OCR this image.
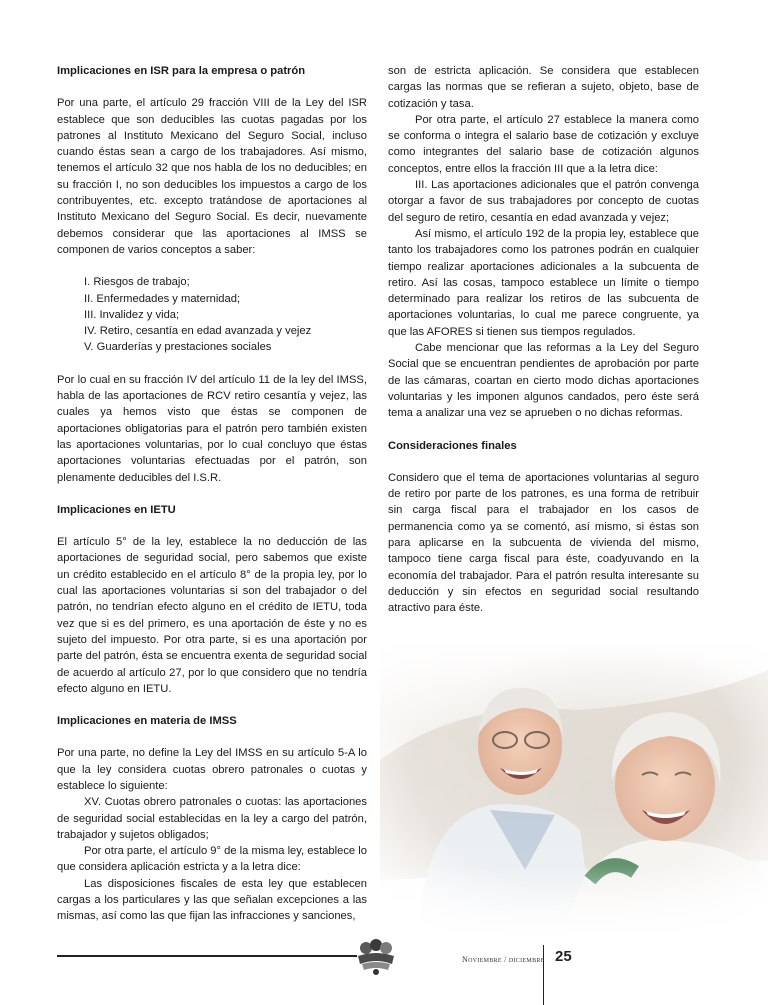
Implicaciones en ISR para la empresa o patrón

Por una parte, el artículo 29 fracción VIII de la Ley del ISR establece que son deducibles las cuotas pagadas por los patrones al Instituto Mexicano del Seguro Social, incluso cuando éstas sean a cargo de los trabajadores. Así mismo, tenemos el artículo 32 que nos habla de los no deducibles; en su fracción I, no son deducibles los impuestos a cargo de los contribuyentes, etc. excepto tratándose de aportaciones al Instituto Mexicano del Seguro Social. Es decir, nuevamente debemos considerar que las aportaciones al IMSS se componen de varios conceptos a saber:

I. Riesgos de trabajo;
II. Enfermedades y maternidad;
III. Invalidez y vida;
IV. Retiro, cesantía en edad avanzada y vejez
V. Guarderías y prestaciones sociales

Por lo cual en su fracción IV del artículo 11 de la ley del IMSS, habla de las aportaciones de RCV retiro cesantía y vejez, las cuales ya hemos visto que éstas se componen de aportaciones obligatorias para el patrón pero también existen las aportaciones voluntarias, por lo cual concluyo que éstas aportaciones voluntarias efectuadas por el patrón, son plenamente deducibles del I.S.R.

Implicaciones en IETU

El artículo 5° de la ley, establece la no deducción de las aportaciones de seguridad social, pero sabemos que existe un crédito establecido en el artículo 8° de la propia ley, por lo cual las aportaciones voluntarias si son del trabajador o del patrón, no tendrían efecto alguno en el crédito de IETU, toda vez que si es del primero, es una aportación de éste y no es sujeto del impuesto. Por otra parte, si es una aportación por parte del patrón, ésta se encuentra exenta de seguridad social de acuerdo al artículo 27, por lo que considero que no tendría efecto alguno en IETU.

Implicaciones en materia de IMSS

Por una parte, no define la Ley del IMSS en su artículo 5-A lo que la ley considera cuotas obrero patronales o cuotas y establece lo siguiente:

XV. Cuotas obrero patronales o cuotas: las aportaciones de seguridad social establecidas en la ley a cargo del patrón, trabajador y sujetos obligados;

Por otra parte, el artículo 9° de la misma ley, establece lo que considera aplicación estricta y a la letra dice:

Las disposiciones fiscales de esta ley que establecen cargas a los particulares y las que señalan excepciones a las mismas, así como las que fijan las infracciones y sanciones,

son de estricta aplicación. Se considera que establecen cargas las normas que se refieran a sujeto, objeto, base de cotización y tasa.

Por otra parte, el artículo 27 establece la manera como se conforma o integra el salario base de cotización y excluye como integrantes del salario base de cotización algunos conceptos, entre ellos la fracción III que a la letra dice:

III. Las aportaciones adicionales que el patrón convenga otorgar a favor de sus trabajadores por concepto de cuotas del seguro de retiro, cesantía en edad avanzada y vejez;

Así mismo, el artículo 192 de la propia ley, establece que tanto los trabajadores como los patrones podrán en cualquier tiempo realizar aportaciones adicionales a la subcuenta de retiro. Así las cosas, tampoco establece un límite o tiempo determinado para realizar los retiros de las subcuenta de aportaciones voluntarias, lo cual me parece congruente, ya que las AFORES si tienen sus tiempos regulados.

Cabe mencionar que las reformas a la Ley del Seguro Social que se encuentran pendientes de aprobación por parte de las cámaras, coartan en cierto modo dichas aportaciones voluntarias y les imponen algunos candados, pero éste será tema a analizar una vez se aprueben o no dichas reformas.

Consideraciones finales

Considero que el tema de aportaciones voluntarias al seguro de retiro por parte de los patrones, es una forma de retribuir sin carga fiscal para el trabajador en los casos de permanencia como ya se comentó, así mismo, si éstas son para aplicarse en la subcuenta de vivienda del mismo, tampoco tiene carga fiscal para éste, coadyuvando en la economía del trabajador. Para el patrón resulta interesante su deducción y sin efectos en seguridad social resultando atractivo para éste.

Noviembre / diciembre 25
